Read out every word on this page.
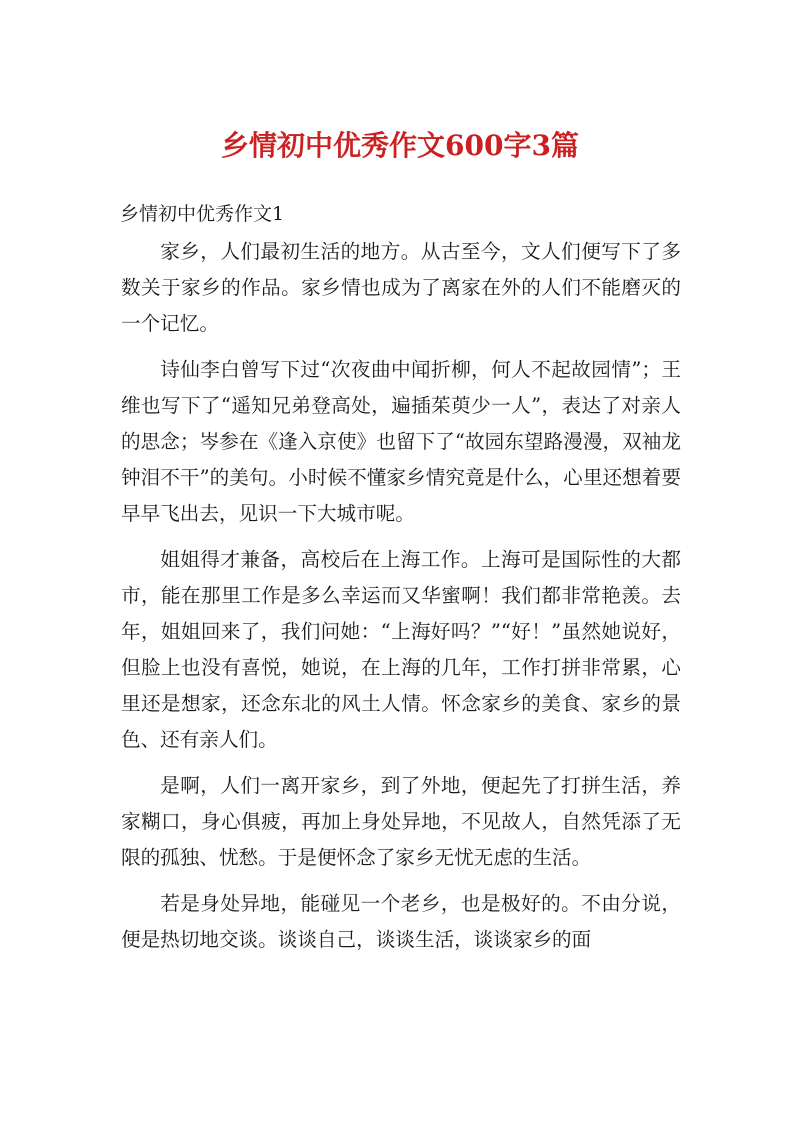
乡情初中优秀作文600字3篇
乡情初中优秀作文1

家乡，人们最初生活的地方。从古至今，文人们便写下了多数关于家乡的作品。家乡情也成为了离家在外的人们不能磨灭的一个记忆。

诗仙李白曾写下过“次夜曲中闻折柳，何人不起故园情”；王维也写下了“遥知兄弟登高处，遍插茱萸少一人”，表达了对亲人的思念；岑参在《逢入京使》也留下了“故园东望路漫漫，双袖龙钟泪不干”的美句。小时候不懂家乡情究竟是什么，心里还想着要早早飞出去，见识一下大城市呢。

姐姐得才兼备，高校后在上海工作。上海可是国际性的大都市，能在那里工作是多么幸运而又华蜜啊！我们都非常艳羡。去年，姐姐回来了，我们问她：“上海好吗？”“好！”虽然她说好，但脸上也没有喜悦，她说，在上海的几年，工作打拼非常累，心里还是想家，还念东北的风土人情。怀念家乡的美食、家乡的景色、还有亲人们。

是啊，人们一离开家乡，到了外地，便起先了打拼生活，养家糊口，身心俱疲，再加上身处异地，不见故人，自然凭添了无限的孤独、忧愁。于是便怀念了家乡无忧无虑的生活。

若是身处异地，能碰见一个老乡，也是极好的。不由分说，便是热切地交谈。谈谈自己，谈谈生活，谈谈家乡的面
